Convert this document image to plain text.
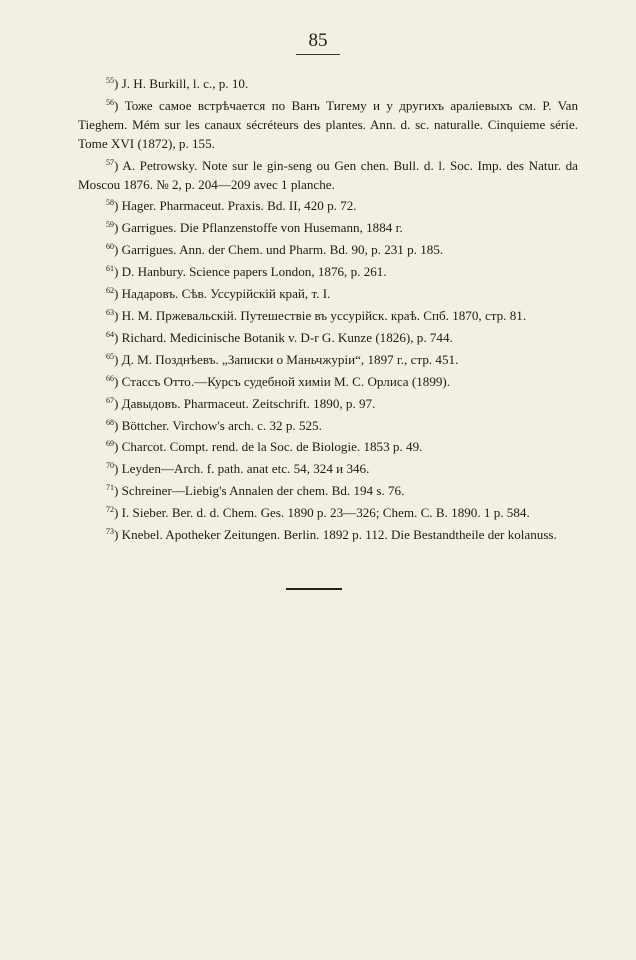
85
$^{55}$) J. H. Burkill, l. c., p. 10.
$^{56}$) Тоже самое встрѣчается по Ванъ Тигему и у другихъ араліевыхъ см. P. Van Tieghem. Mém sur les canaux sécréteurs des plantes. Ann. d. sc. naturalle. Cinquieme série. Tome XVI (1872), p. 155.
$^{57}$) A. Petrowsky. Note sur le gin-seng ou Gen chen. Bull. d. l. Soc. Imp. des Natur. da Moscou 1876. № 2, p. 204—209 avec 1 planche.
$^{58}$) Hager. Pharmaceut. Praxis. Bd. II, 420 p. 72.
$^{59}$) Garrigues. Die Pflanzenstoffe von Husemann, 1884 г.
$^{60}$) Garrigues. Ann. der Chem. und Pharm. Bd. 90, p. 231 p. 185.
$^{61}$) D. Hanbury. Science papers London, 1876, p. 261.
$^{62}$) Надаровъ. Сѣв. Уссурійскій край, т. I.
$^{63}$) Н. М. Пржевальскій. Путешествіе въ уссурійск. краѣ. Спб. 1870, стр. 81.
$^{64}$) Richard. Medicinische Botanik v. D-r G. Kunze (1826), p. 744.
$^{65}$) Д. М. Позднѣевъ. „Записки о Маньчжуріи“, 1897 г., стр. 451.
$^{66}$) Стассъ Отто.—Курсъ судебной химіи М. С. Орлиса (1899).
$^{67}$) Давыдовъ. Pharmaceut. Zeitschrift. 1890, p. 97.
$^{68}$) Böttcher. Virchow's arch. c. 32 p. 525.
$^{69}$) Charcot. Compt. rend. de la Soc. de Biologie. 1853 p. 49.
$^{70}$) Leyden—Arch. f. path. anat etc. 54, 324 и 346.
$^{71}$) Schreiner—Liebig's Annalen der chem. Bd. 194 s. 76.
$^{72}$) I. Sieber. Ber. d. d. Chem. Ges. 1890 p. 23—326; Chem. C. B. 1890. 1 p. 584.
$^{73}$) Knebel. Apotheker Zeitungen. Berlin. 1892 p. 112. Die Bestandtheile der kolanuss.
